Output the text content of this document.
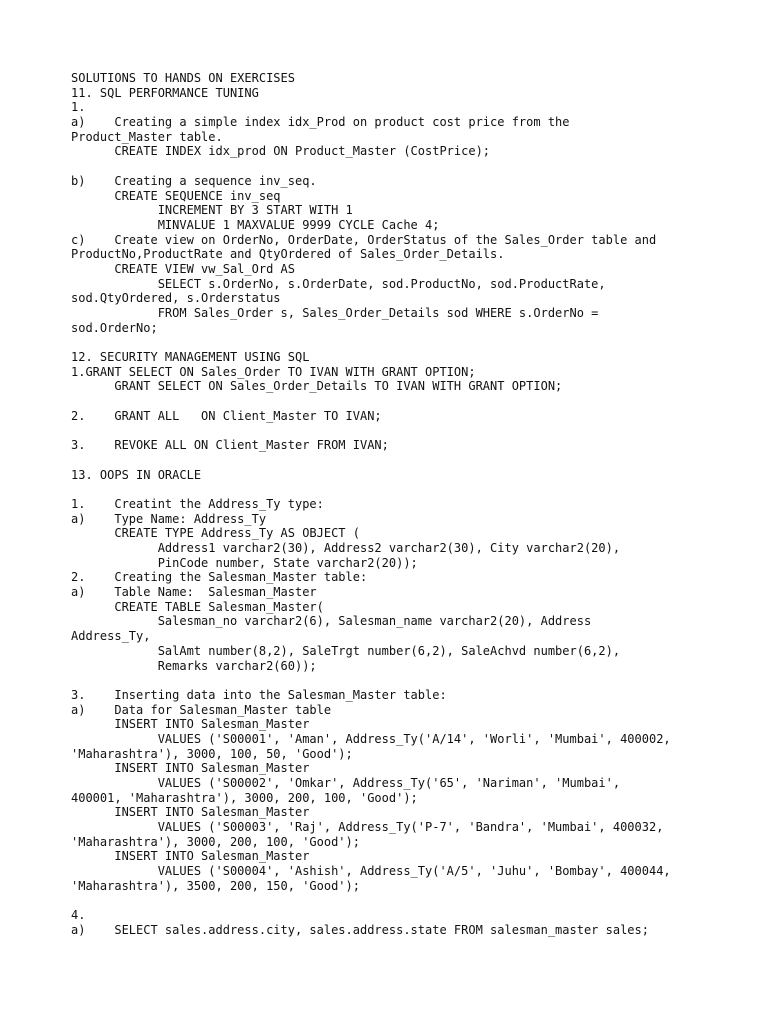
SOLUTIONS TO HANDS ON EXERCISES
11. SQL PERFORMANCE TUNING
1.
a)    Creating a simple index idx_Prod on product cost price from the
Product_Master table.
CREATE INDEX idx_prod ON Product_Master (CostPrice);
b)    Creating a sequence inv_seq.
CREATE SEQUENCE inv_seq
INCREMENT BY 3 START WITH 1
MINVALUE 1 MAXVALUE 9999 CYCLE Cache 4;
c)    Create view on OrderNo, OrderDate, OrderStatus of the Sales_Order table and
ProductNo,ProductRate and QtyOrdered of Sales_Order_Details.
CREATE VIEW vw_Sal_Ord AS
SELECT s.OrderNo, s.OrderDate, sod.ProductNo, sod.ProductRate,
sod.QtyOrdered, s.Orderstatus
FROM Sales_Order s, Sales_Order_Details sod WHERE s.OrderNo =
sod.OrderNo;
12. SECURITY MANAGEMENT USING SQL
1.GRANT SELECT ON Sales_Order TO IVAN WITH GRANT OPTION;
GRANT SELECT ON Sales_Order_Details TO IVAN WITH GRANT OPTION;
2.    GRANT ALL   ON Client_Master TO IVAN;
3.    REVOKE ALL ON Client_Master FROM IVAN;
13. OOPS IN ORACLE
1.    Creatint the Address_Ty type:
a)    Type Name: Address_Ty
CREATE TYPE Address_Ty AS OBJECT (
Address1 varchar2(30), Address2 varchar2(30), City varchar2(20),
PinCode number, State varchar2(20));
2.    Creating the Salesman_Master table:
a)    Table Name:  Salesman_Master
CREATE TABLE Salesman_Master(
Salesman_no varchar2(6), Salesman_name varchar2(20), Address
Address_Ty,
SalAmt number(8,2), SaleTrgt number(6,2), SaleAchvd number(6,2),
Remarks varchar2(60));
3.    Inserting data into the Salesman_Master table:
a)    Data for Salesman_Master table
INSERT INTO Salesman_Master
VALUES ('S00001', 'Aman', Address_Ty('A/14', 'Worli', 'Mumbai', 400002,
'Maharashtra'), 3000, 100, 50, 'Good');
INSERT INTO Salesman_Master
VALUES ('S00002', 'Omkar', Address_Ty('65', 'Nariman', 'Mumbai',
400001, 'Maharashtra'), 3000, 200, 100, 'Good');
INSERT INTO Salesman_Master
VALUES ('S00003', 'Raj', Address_Ty('P-7', 'Bandra', 'Mumbai', 400032,
'Maharashtra'), 3000, 200, 100, 'Good');
INSERT INTO Salesman_Master
VALUES ('S00004', 'Ashish', Address_Ty('A/5', 'Juhu', 'Bombay', 400044,
'Maharashtra'), 3500, 200, 150, 'Good');
4.
a)    SELECT sales.address.city, sales.address.state FROM salesman_master sales;
